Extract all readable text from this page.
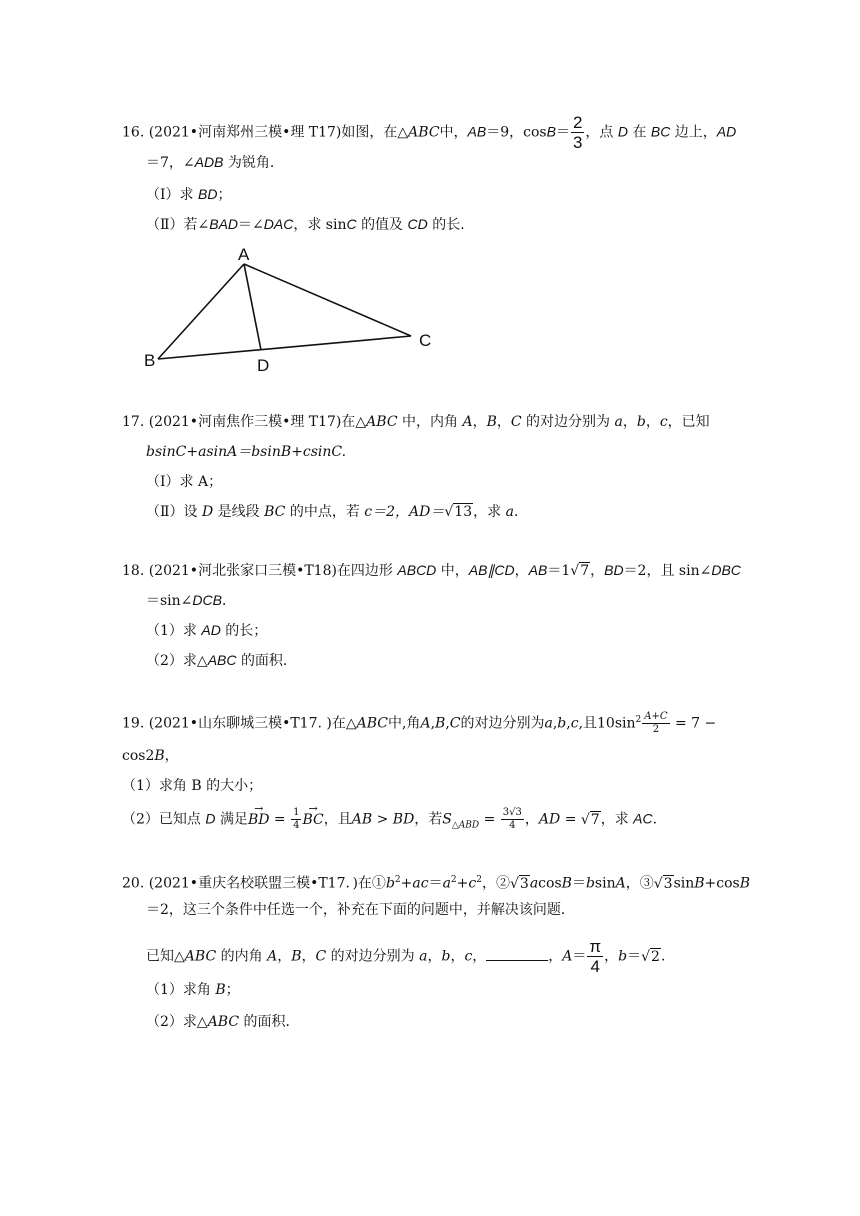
16. (2021•河南郑州三模•理 T17)如图，在△ABC中，AB＝9，$\cos B= \frac{2}{3}$ ，点 D 在 BC 边上，AD
＝7，∠ADB 为锐角．
（Ⅰ）求 BD；
（Ⅱ）若∠BAD＝∠DAC，求 sinC 的值及 CD 的长．
A
B
C
D
17. (2021•河南焦作三模•理 T17)在△ABC 中，内角 A，B，C 的对边分别为 a，b，c，已知
bsinC+asinA＝bsinB+csinC.
（Ⅰ）求 A；
（Ⅱ）设 D 是线段 BC 的中点，若 c＝2，AD＝√13，求 a．
18. (2021•河北张家口三模•T18)在四边形 ABCD 中，AB∥CD，AB＝1√7，BD＝2，且 sin∠DBC
＝sin∠DCB．
（1）求 AD 的长；
（2）求△ABC 的面积．
19. (2021•山东聊城三模•T17. )在△ABC中,角A,B,C的对边分别为a,b,c,且$10\sin^2 \frac{A+C}{2} = 7$ −
cos2B，
（1）求角 B 的大小；
（2）已知点 D 满足→ BD = $\frac{1}{4}$
→ BC，且AB > BD，若$S_{\triangle ABD} = \frac{3√3}{4}$ ，AD = √7，求 AC.
20. (2021•重庆名校联盟三模•T17．)在$①b^2+ac=a^2+c^2$，②√3acosB＝bsinA，③√3sinB+cosB
＝2，这三个条件中任选一个，补充在下面的问题中，并解决该问题．
已知△ABC 的内角 A，B，C 的对边分别为 a，b，c，	，$A= \frac{\pi}{4}$ ，b＝√2.
（1）求角 B；
（2）求△ABC 的面积．
